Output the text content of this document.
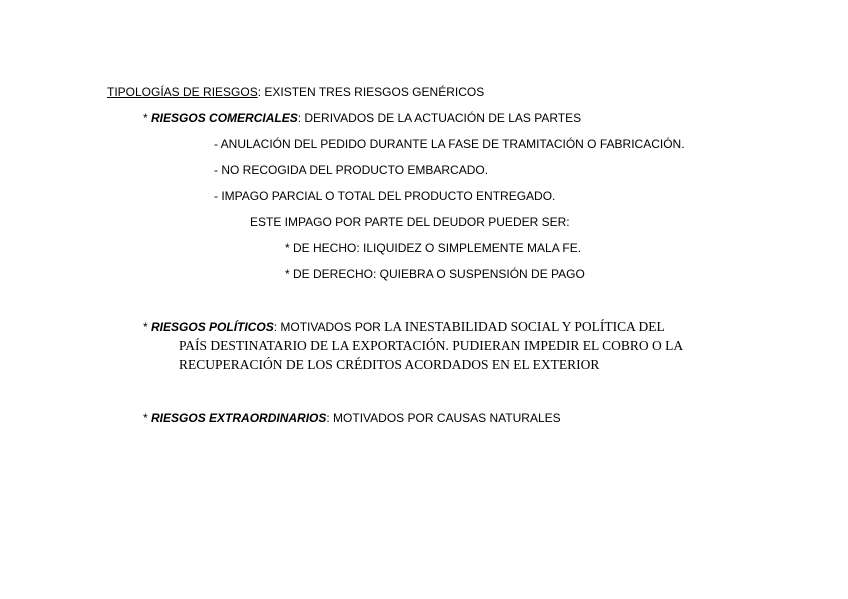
TIPOLOGÍAS DE RIESGOS: EXISTEN TRES RIESGOS GENÉRICOS
* RIESGOS COMERCIALES: DERIVADOS DE LA ACTUACIÓN DE LAS PARTES
- ANULACIÓN DEL PEDIDO DURANTE LA FASE DE TRAMITACIÓN O FABRICACIÓN.
- NO RECOGIDA DEL PRODUCTO EMBARCADO.
- IMPAGO PARCIAL O TOTAL DEL PRODUCTO ENTREGADO.
ESTE IMPAGO POR PARTE DEL DEUDOR PUEDER SER:
* DE HECHO: ILIQUIDEZ O SIMPLEMENTE MALA FE.
* DE DERECHO: QUIEBRA O SUSPENSIÓN DE PAGO
* RIESGOS POLÍTICOS: MOTIVADOS POR LA INESTABILIDAD SOCIAL Y POLÍTICA DEL
PAÍS DESTINATARIO DE LA EXPORTACIÓN. PUDIERAN IMPEDIR EL COBRO O LA
RECUPERACIÓN DE LOS CRÉDITOS ACORDADOS EN EL EXTERIOR
* RIESGOS EXTRAORDINARIOS: MOTIVADOS POR CAUSAS NATURALES
